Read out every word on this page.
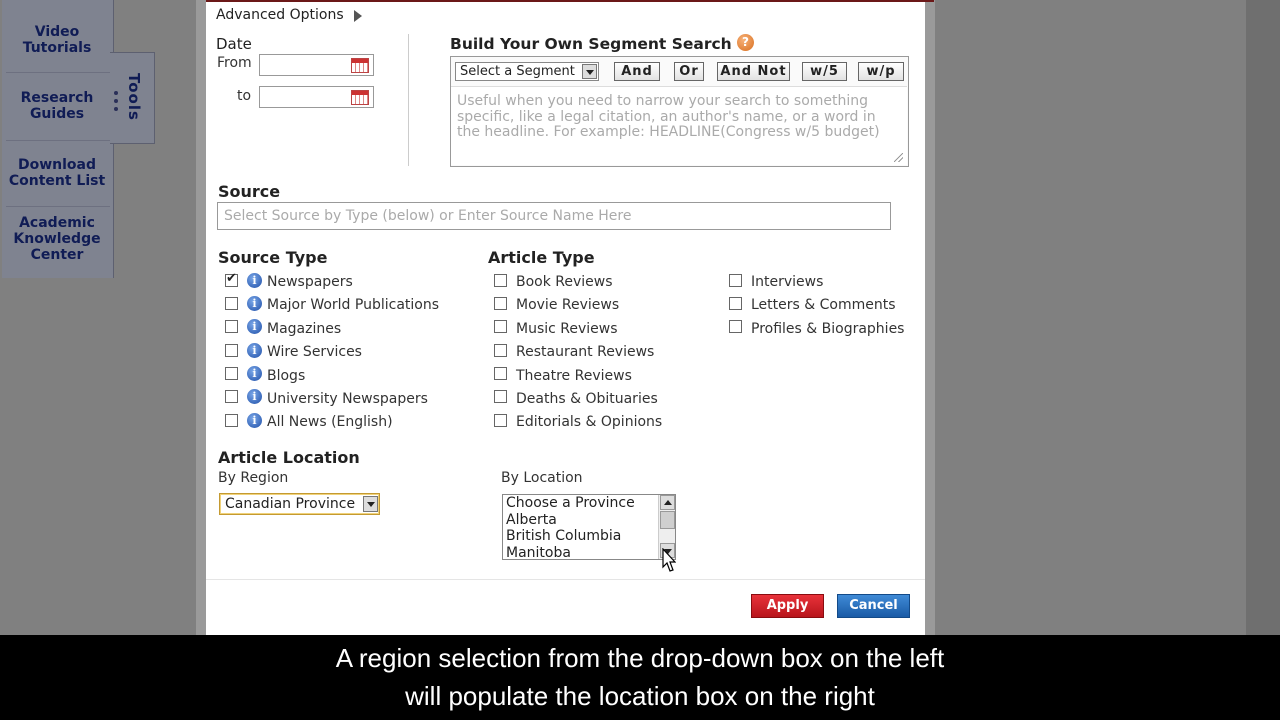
Video Tutorials
Research Guides
Download Content List
Academic Knowledge Center
Tools
Advanced Options
Date
From
to
Build Your Own Segment Search ?
Select a Segment	And	Or	And Not	w/5	w/p
Useful when you need to narrow your search to something specific, like a legal citation, an author's name, or a word in the headline. For example: HEADLINE(Congress w/5 budget)
Source
Select Source by Type (below) or Enter Source Name Here
Source Type
✔
i Newspapers
i Major World Publications
i Magazines
i Wire Services
i Blogs
i University Newspapers
i All News (English)
Article Type
Book Reviews
Movie Reviews
Music Reviews
Restaurant Reviews
Theatre Reviews
Deaths & Obituaries
Editorials & Opinions
Interviews
Letters & Comments
Profiles & Biographies
Article Location
By Region
Canadian Province
By Location
Choose a Province
Alberta
British Columbia
Manitoba
Apply	Cancel
A region selection from the drop-down box on the left
will populate the location box on the right
